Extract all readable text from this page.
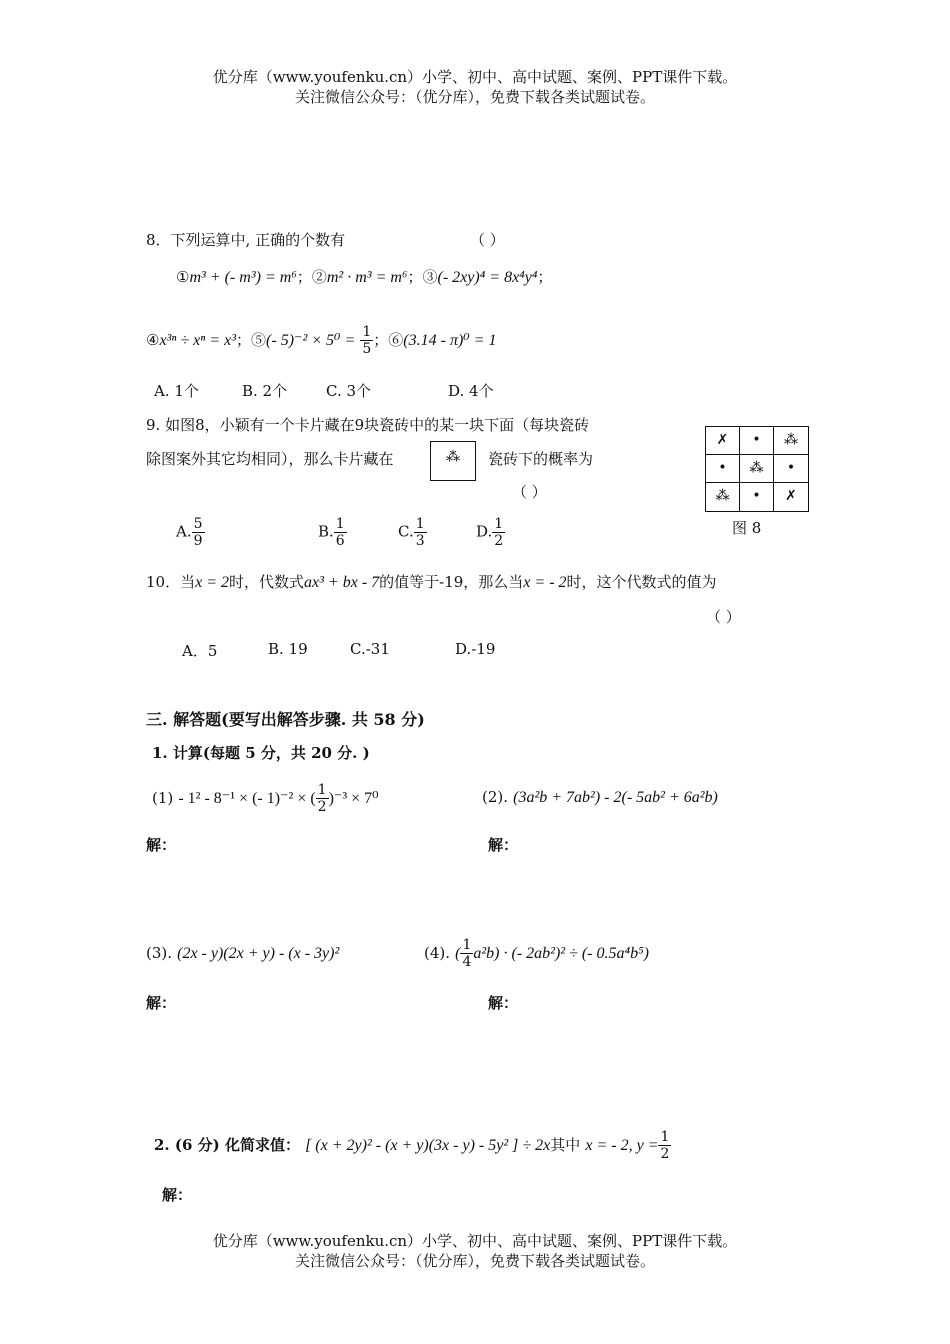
优分库（www.youfenku.cn）小学、初中、高中试题、案例、PPT课件下载。
关注微信公众号：（优分库），免费下载各类试题试卷。
8．下列运算中, 正确的个数有	（ ）
①m³ + (- m³) = m⁶；②m² · m³ = m⁶；③(- 2xy)⁴ = 8x⁴y⁴；
④x³ⁿ ÷ xⁿ = x³；⑤(- $5)^{-2} \times 5^0 = \frac{1}{5}$ ；⑥(3.14 - π)⁰ = 1
A. 1个	B. 2个	C. 3个	D. 4个
9. 如图8，小颖有一个卡片藏在9块瓷砖中的某一块下面（每块瓷砖
除图案外其它均相同），那么卡片藏在	⁂	瓷砖下的概率为
（ ）
A. $\frac{5}{9}$	B. $\frac{1}{6}$	C. $\frac{1}{3}$	D. $\frac{1}{2}$
✗	•	⁂
•	⁂	•
⁂	•	✗
图 8
10．当x = 2时，代数式ax³ + bx - 7的值等于-19，那么当x = - 2时，这个代数式的值为
（ ）
A．5	B. 19	C.-31	D.-19
三. 解答题(要写出解答步骤. 共 58 分)
1. 计算(每题 5 分，共 20 分. )
(1) - 1² - 8⁻¹ × (- 1)⁻² × ( $\frac{1}{2} )^{-3} \times 7^0$	(2). (3a²b + 7ab²) - 2(- 5ab² + 6a²b)
解：	解：
(3). (2x - y)(2x + y) - (x - 3y)²	(4). ( $\frac{1}{4} a^2b$) · (- 2ab²)² ÷ (- 0.5a⁴b⁵)
解：	解：
2. (6 分) 化简求值： [ (x + 2y)² - (x + y)(3x - y) - 5y² ] ÷ 2x其中 x = - 2, $y = \frac{1}{2}$
解：
优分库（www.youfenku.cn）小学、初中、高中试题、案例、PPT课件下载。
关注微信公众号：（优分库），免费下载各类试题试卷。
